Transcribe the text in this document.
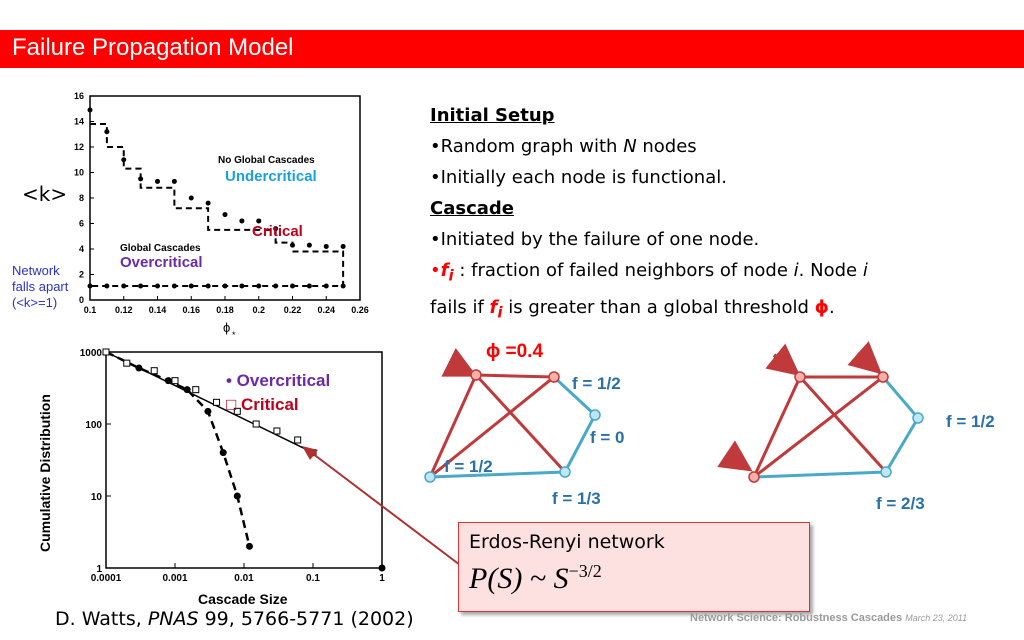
Failure Propagation Model
<k>
Network
falls apart
(<k>=1)	0.1 0.12 0.14 0.16 0.18 0.2 0.22 0.24 0.26
0
2
4
6
8
10
12
14
16
No Global Cascades
Undercritical
Critical
Global Cascades
Overcritical
ϕ *
0.0001	0.001	0.01	0.1	1
1
10
100
1000
• Overcritical
□ Critical
Cumulative Distribution
Cascade Size
Initial Setup
•Random graph with N nodes
•Initially each node is functional.
Cascade
•Initiated by the failure of one node.
$•f_i$ : fraction of failed neighbors of node i. Node i
fails if $f_i$ is greater than a global threshold ϕ.
ϕ =0.4
f = 1/2
f = 0
f = 1/2
f = 1/3
f = 1/2
f = 2/3
Erdos-Renyi network
P(S) ~ $S^{-3/2}$
D. Watts, PNAS 99, 5766-5771 (2002)	Network Science: Robustness Cascades March 23, 2011
